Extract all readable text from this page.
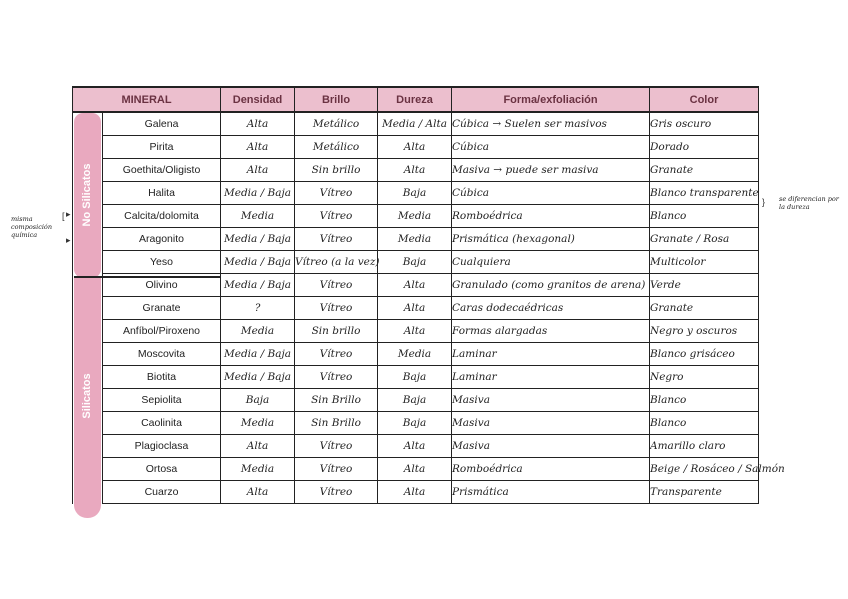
MINERAL		Densidad	Brillo	Dureza	Forma/exfoliación	Color
	Galena	Alta	Metálico	Media / Alta	Cúbica → Suelen ser masivos	Gris oscuro
	Pirita	Alta	Metálico	Alta	Cúbica	Dorado
	Goethita/Oligisto	Alta	Sin brillo	Alta	Masiva → puede ser masiva	Granate
	Halita	Media / Baja	Vítreo	Baja	Cúbica	Blanco transparente
	Calcita/dolomita	Media	Vítreo	Media	Romboédrica	Blanco
	Aragonito	Media / Baja	Vítreo	Media	Prismática (hexagonal)	Granate / Rosa
	Yeso	Media / Baja	Vítreo (a la vez)	Baja	Cualquiera	Multicolor
	Olivino	Media / Baja	Vítreo	Alta	Granulado (como granitos de arena)	Verde
	Granate	?	Vítreo	Alta	Caras dodecaédricas	Granate
	Anfíbol/Piroxeno	Media	Sin brillo	Alta	Formas alargadas	Negro y oscuros
	Moscovita	Media / Baja	Vítreo	Media	Laminar	Blanco grisáceo
	Biotita	Media / Baja	Vítreo	Baja	Laminar	Negro
	Sepiolita	Baja	Sin Brillo	Baja	Masiva	Blanco
	Caolinita	Media	Sin Brillo	Baja	Masiva	Blanco
	Plagioclasa	Alta	Vítreo	Alta	Masiva	Amarillo claro
	Ortosa	Media	Vítreo	Alta	Romboédrica	Beige / Rosáceo / Salmón
	Cuarzo	Alta	Vítreo	Alta	Prismática	Transparente
No Silicatos
Silicatos
[ ▸
▸
misma composición química
} se diferencian por la dureza
